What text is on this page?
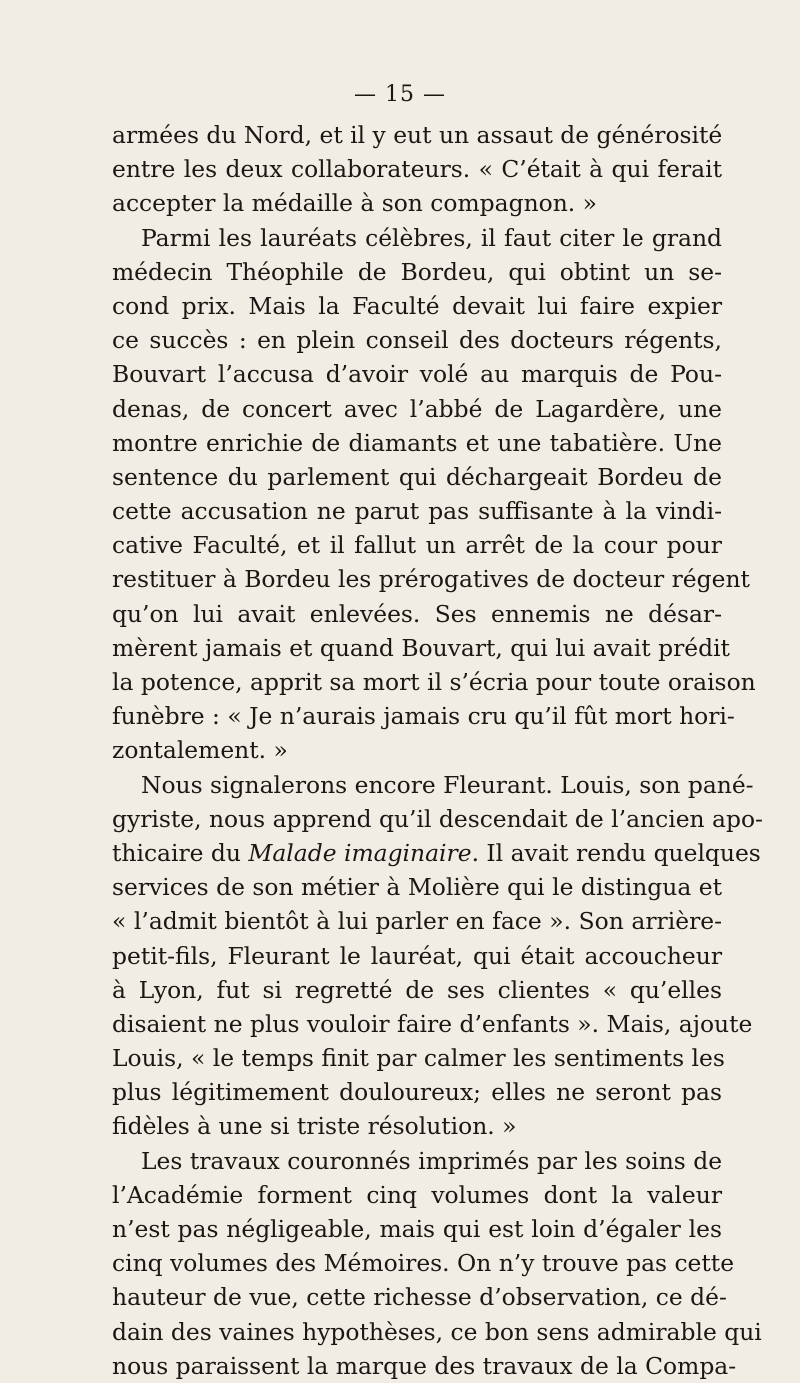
— 15 —
armées du Nord, et il y eut un assaut de générosité
entre les deux collaborateurs. « C’était à qui ferait
accepter la médaille à son compagnon. »
Parmi les lauréats célèbres, il faut citer le grand
médecin Théophile de Bordeu, qui obtint un se-
cond prix. Mais la Faculté devait lui faire expier
ce succès : en plein conseil des docteurs régents,
Bouvart l’accusa d’avoir volé au marquis de Pou-
denas, de concert avec l’abbé de Lagardère, une
montre enrichie de diamants et une tabatière. Une
sentence du parlement qui déchargeait Bordeu de
cette accusation ne parut pas suffisante à la vindi-
cative Faculté, et il fallut un arrêt de la cour pour
restituer à Bordeu les prérogatives de docteur régent
qu’on lui avait enlevées. Ses ennemis ne désar-
mèrent jamais et quand Bouvart, qui lui avait prédit
la potence, apprit sa mort il s’écria pour toute oraison
funèbre : « Je n’aurais jamais cru qu’il fût mort hori-
zontalement. »
Nous signalerons encore Fleurant. Louis, son pané-
gyriste, nous apprend qu’il descendait de l’ancien apo-
thicaire du Malade imaginaire. Il avait rendu quelques
services de son métier à Molière qui le distingua et
« l’admit bientôt à lui parler en face ». Son arrière-
petit-fils, Fleurant le lauréat, qui était accoucheur
à Lyon, fut si regretté de ses clientes « qu’elles
disaient ne plus vouloir faire d’enfants ». Mais, ajoute
Louis, « le temps finit par calmer les sentiments les
plus légitimement douloureux; elles ne seront pas
fidèles à une si triste résolution. »
Les travaux couronnés imprimés par les soins de
l’Académie forment cinq volumes dont la valeur
n’est pas négligeable, mais qui est loin d’égaler les
cinq volumes des Mémoires. On n’y trouve pas cette
hauteur de vue, cette richesse d’observation, ce dé-
dain des vaines hypothèses, ce bon sens admirable qui
nous paraissent la marque des travaux de la Compa-
